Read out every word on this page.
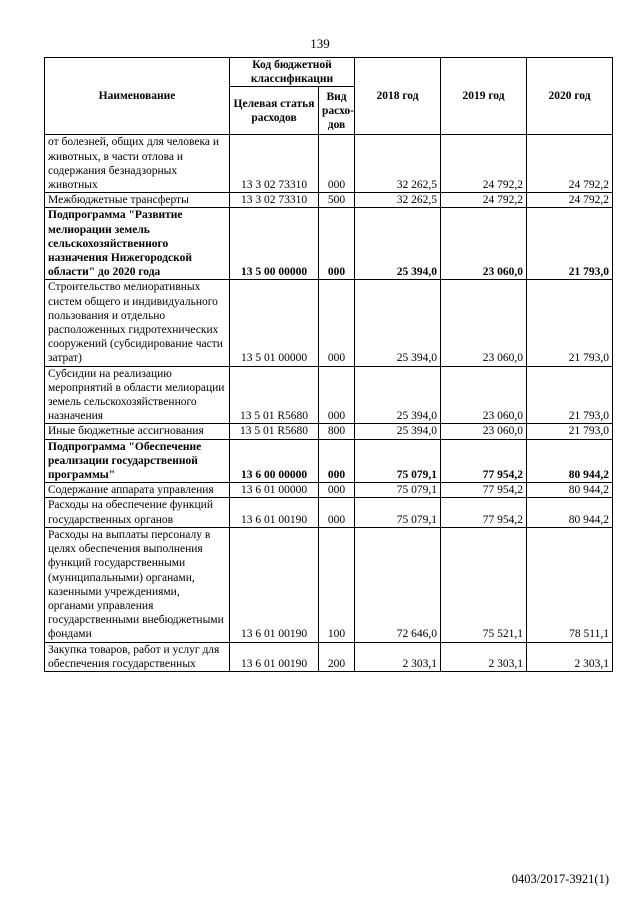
139
Наименование	Код бюджетной классификации		2018 год	2019 год	2020 год
	Целевая статья расходов	Вид расхо-дов			
от болезней, общих для человека и животных, в части отлова и содержания безнадзорных животных	13 3 02 73310	000	32 262,5	24 792,2	24 792,2
Межбюджетные трансферты	13 3 02 73310	500	32 262,5	24 792,2	24 792,2
Подпрограмма "Развитие мелиорации земель сельскохозяйственного назначения Нижегородской области" до 2020 года	13 5 00 00000	000	25 394,0	23 060,0	21 793,0
Строительство мелиоративных систем общего и индивидуального пользования и отдельно расположенных гидротехнических сооружений (субсидирование части затрат)	13 5 01 00000	000	25 394,0	23 060,0	21 793,0
Субсидии на реализацию мероприятий в области мелиорации земель сельскохозяйственного назначения	13 5 01 R5680	000	25 394,0	23 060,0	21 793,0
Иные бюджетные ассигнования	13 5 01 R5680	800	25 394,0	23 060,0	21 793,0
Подпрограмма "Обеспечение реализации государственной программы"	13 6 00 00000	000	75 079,1	77 954,2	80 944,2
Содержание аппарата управления	13 6 01 00000	000	75 079,1	77 954,2	80 944,2
Расходы на обеспечение функций государственных органов	13 6 01 00190	000	75 079,1	77 954,2	80 944,2
Расходы на выплаты персоналу в целях обеспечения выполнения функций государственными (муниципальными) органами, казенными учреждениями, органами управления государственными внебюджетными фондами	13 6 01 00190	100	72 646,0	75 521,1	78 511,1
Закупка товаров, работ и услуг для обеспечения государственных	13 6 01 00190	200	2 303,1	2 303,1	2 303,1
0403/2017-3921(1)
